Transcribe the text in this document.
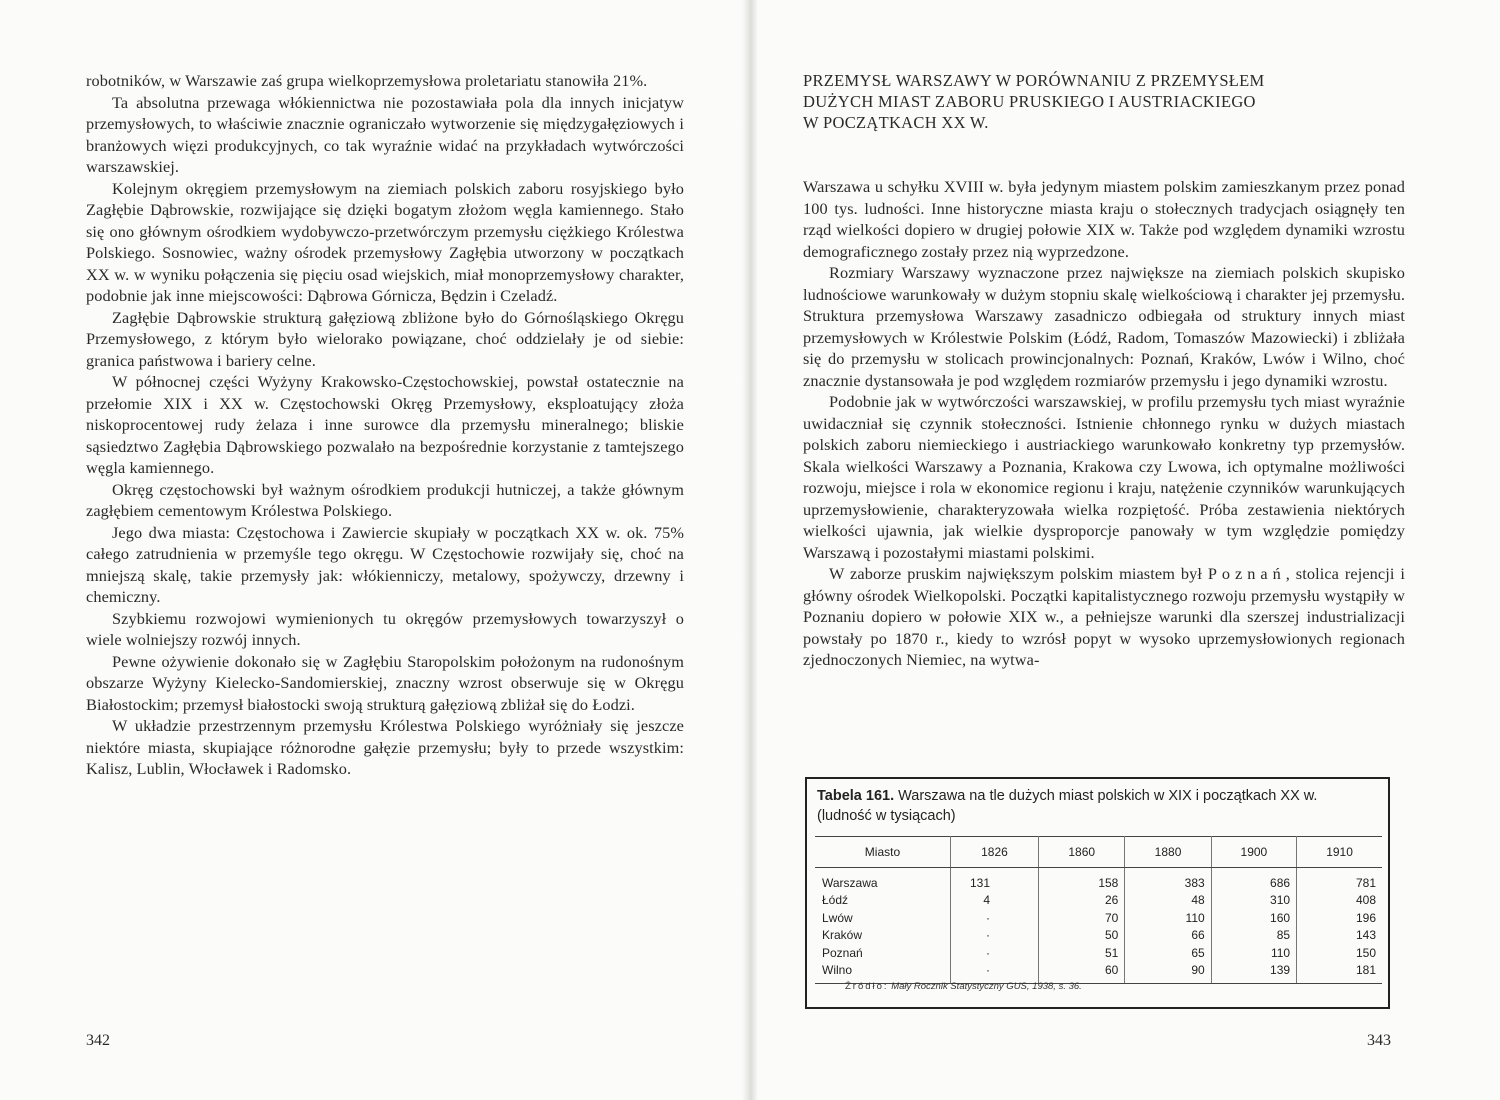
robotników, w Warszawie zaś grupa wielkoprzemysłowa proletariatu stanowiła 21%.

Ta absolutna przewaga włókiennictwa nie pozostawiała pola dla innych inicjatyw przemysłowych, to właściwie znacznie ograniczało wytworzenie się międzygałęziowych i branżowych więzi produkcyjnych, co tak wyraźnie widać na przykładach wytwórczości warszawskiej.

Kolejnym okręgiem przemysłowym na ziemiach polskich zaboru rosyjskiego było Zagłębie Dąbrowskie, rozwijające się dzięki bogatym złożom węgla kamiennego. Stało się ono głównym ośrodkiem wydobywczo-przetwórczym przemysłu ciężkiego Królestwa Polskiego. Sosnowiec, ważny ośrodek przemysłowy Zagłębia utworzony w początkach XX w. w wyniku połączenia się pięciu osad wiejskich, miał monoprzemysłowy charakter, podobnie jak inne miejscowości: Dąbrowa Górnicza, Będzin i Czeladź.

Zagłębie Dąbrowskie strukturą gałęziową zbliżone było do Górnośląskiego Okręgu Przemysłowego, z którym było wielorako powiązane, choć oddzielały je od siebie: granica państwowa i bariery celne.

W północnej części Wyżyny Krakowsko-Częstochowskiej, powstał ostatecznie na przełomie XIX i XX w. Częstochowski Okręg Przemysłowy, eksploatujący złoża niskoprocentowej rudy żelaza i inne surowce dla przemysłu mineralnego; bliskie sąsiedztwo Zagłębia Dąbrowskiego pozwalało na bezpośrednie korzystanie z tamtejszego węgla kamiennego.

Okręg częstochowski był ważnym ośrodkiem produkcji hutniczej, a także głównym zagłębiem cementowym Królestwa Polskiego.

Jego dwa miasta: Częstochowa i Zawiercie skupiały w początkach XX w. ok. 75% całego zatrudnienia w przemyśle tego okręgu. W Częstochowie rozwijały się, choć na mniejszą skalę, takie przemysły jak: włókienniczy, metalowy, spożywczy, drzewny i chemiczny.

Szybkiemu rozwojowi wymienionych tu okręgów przemysłowych towarzyszył o wiele wolniejszy rozwój innych.

Pewne ożywienie dokonało się w Zagłębiu Staropolskim położonym na rudonośnym obszarze Wyżyny Kielecko-Sandomierskiej, znaczny wzrost obserwuje się w Okręgu Białostockim; przemysł białostocki swoją strukturą gałęziową zbliżał się do Łodzi.

W układzie przestrzennym przemysłu Królestwa Polskiego wyróżniały się jeszcze niektóre miasta, skupiające różnorodne gałęzie przemysłu; były to przede wszystkim: Kalisz, Lublin, Włocławek i Radomsko.

342
PRZEMYSŁ WARSZAWY W PORÓWNANIU Z PRZEMYSŁEM
DUŻYCH MIAST ZABORU PRUSKIEGO I AUSTRIACKIEGO
W POCZĄTKACH XX W.

Warszawa u schyłku XVIII w. była jedynym miastem polskim zamieszkanym przez ponad 100 tys. ludności. Inne historyczne miasta kraju o stołecznych tradycjach osiągnęły ten rząd wielkości dopiero w drugiej połowie XIX w. Także pod względem dynamiki wzrostu demograficznego zostały przez nią wyprzedzone.

Rozmiary Warszawy wyznaczone przez największe na ziemiach polskich skupisko ludnościowe warunkowały w dużym stopniu skalę wielkościową i charakter jej przemysłu. Struktura przemysłowa Warszawy zasadniczo odbiegała od struktury innych miast przemysłowych w Królestwie Polskim (Łódź, Radom, Tomaszów Mazowiecki) i zbliżała się do przemysłu w stolicach prowincjonalnych: Poznań, Kraków, Lwów i Wilno, choć znacznie dystansowała je pod względem rozmiarów przemysłu i jego dynamiki wzrostu.

Podobnie jak w wytwórczości warszawskiej, w profilu przemysłu tych miast wyraźnie uwidaczniał się czynnik stołeczności. Istnienie chłonnego rynku w dużych miastach polskich zaboru niemieckiego i austriackiego warunkowało konkretny typ przemysłów. Skala wielkości Warszawy a Poznania, Krakowa czy Lwowa, ich optymalne możliwości rozwoju, miejsce i rola w ekonomice regionu i kraju, natężenie czynników warunkujących uprzemysłowienie, charakteryzowała wielka rozpiętość. Próba zestawienia niektórych wielkości ujawnia, jak wielkie dysproporcje panowały w tym względzie pomiędzy Warszawą i pozostałymi miastami polskimi.

W zaborze pruskim największym polskim miastem był Poznań, stolica rejencji i główny ośrodek Wielkopolski. Początki kapitalistycznego rozwoju przemysłu wystąpiły w Poznaniu dopiero w połowie XIX w., a pełniejsze warunki dla szerszej industrializacji powstały po 1870 r., kiedy to wzrósł popyt w wysoko uprzemysłowionych regionach zjednoczonych Niemiec, na wytwa-

Tabela 161. Warszawa na tle dużych miast polskich w XIX i początkach XX w.
(ludność w tysiącach)
Miasto	1826	1860	1880	1900	1910
Warszawa	131	158	383	686	781
Łódź	4	26	48	310	408
Lwów	·	70	110	160	196
Kraków	·	50	66	85	143
Poznań	·	51	65	110	150
Wilno	·	60	90	139	181
Źródło: Mały Rocznik Statystyczny GUS, 1938, s. 36.
343
